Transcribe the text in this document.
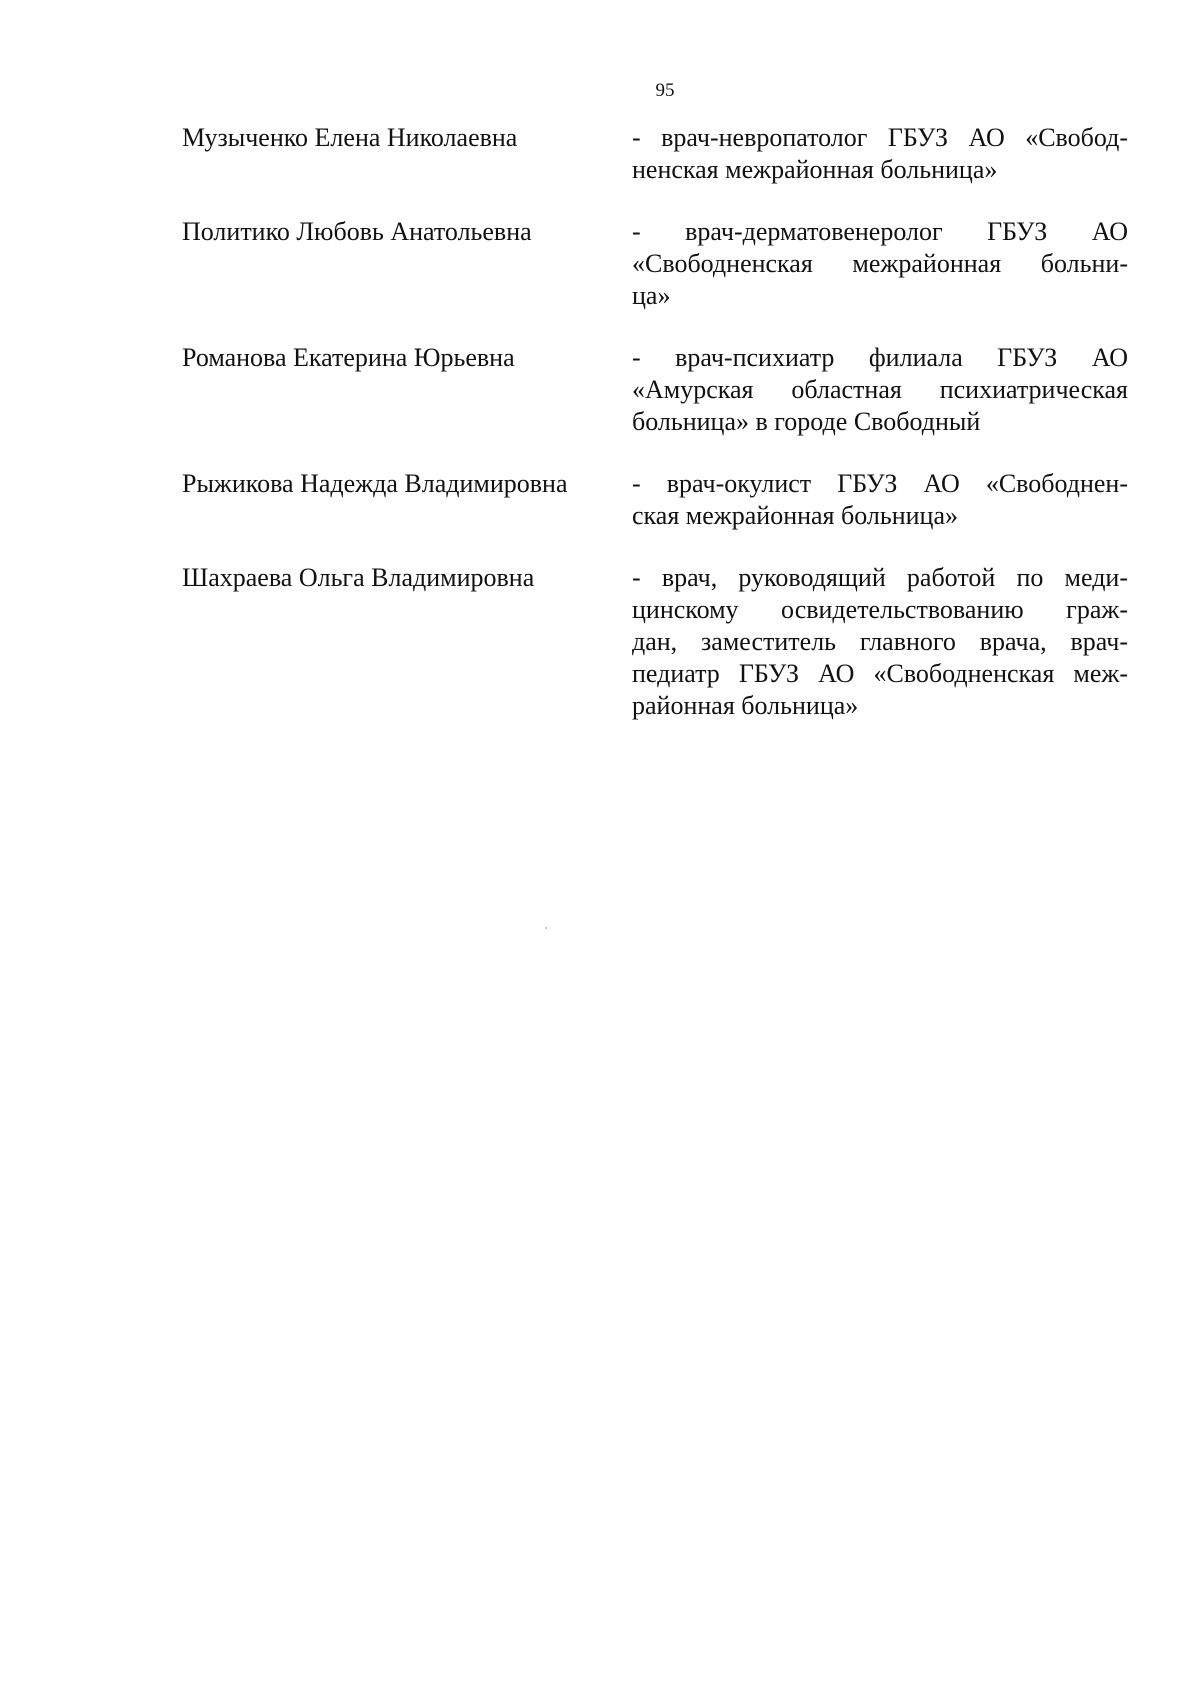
95
Музыченко Елена Николаевна	- врач-невропатолог ГБУЗ АО «Свобод-
ненская межрайонная больница»
Политико Любовь Анатольевна	- врач-дерматовенеролог ГБУЗ АО
«Свободненская межрайонная больни-
ца»
Романова Екатерина Юрьевна	- врач-психиатр филиала ГБУЗ АО
«Амурская областная психиатрическая
больница» в городе Свободный
Рыжикова Надежда Владимировна	- врач-окулист ГБУЗ АО «Свободнен-
ская межрайонная больница»
Шахраева Ольга Владимировна	- врач, руководящий работой по меди-
цинскому освидетельствованию граж-
дан, заместитель главного врача, врач-
педиатр ГБУЗ АО «Свободненская меж-
районная больница»
